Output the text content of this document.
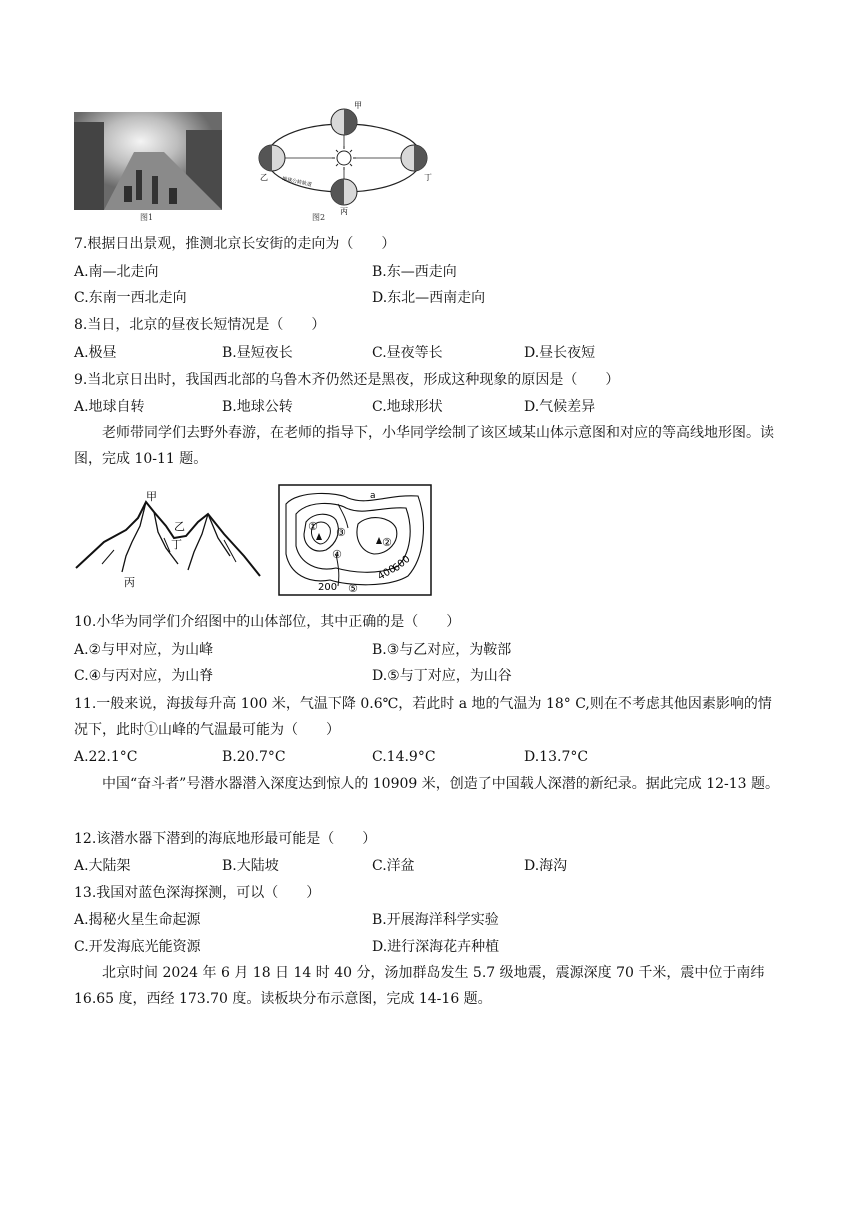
图1
甲
乙
丙
丁
地球公转轨道
图2
7.根据日出景观，推测北京长安街的走向为（　　）
A.南—北走向	B.东—西走向
C.东南一西北走向	D.东北—西南走向
8.当日，北京的昼夜长短情况是（　　）
A.极昼	B.昼短夜长	C.昼夜等长	D.昼长夜短
9.当北京日出时，我国西北部的乌鲁木齐仍然还是黑夜，形成这种现象的原因是（　　）
A.地球自转	B.地球公转	C.地球形状	D.气候差异
老师带同学们去野外春游，在老师的指导下，小华同学绘制了该区域某山体示意图和对应的等高线地形图。读图，完成 10-11 题。
甲
乙
丁
丙
a
①
②
③
④
⑤
200
400
600
10.小华为同学们介绍图中的山体部位，其中正确的是（　　）
A.②与甲对应，为山峰	B.③与乙对应，为鞍部
C.④与丙对应，为山脊	D.⑤与丁对应，为山谷
11.一般来说，海拔每升高 100 米，气温下降 0.6℃，若此时 a 地的气温为 18° C,则在不考虑其他因素影响的情
况下，此时①山峰的气温最可能为（　　）
A.22.1°C	B.20.7°C	C.14.9°C	D.13.7°C
中国“奋斗者”号潜水器潜入深度达到惊人的 10909 米，创造了中国载人深潜的新纪录。据此完成 12-13 题。
12.该潜水器下潜到的海底地形最可能是（　　）
A.大陆架	B.大陆坡	C.洋盆	D.海沟
13.我国对蓝色深海探测，可以（　　）
A.揭秘火星生命起源	B.开展海洋科学实验
C.开发海底光能资源	D.进行深海花卉种植
北京时间 2024 年 6 月 18 日 14 时 40 分，汤加群岛发生 5.7 级地震，震源深度 70 千米，震中位于南纬 16.65 度，西经 173.70 度。读板块分布示意图，完成 14-16 题。
